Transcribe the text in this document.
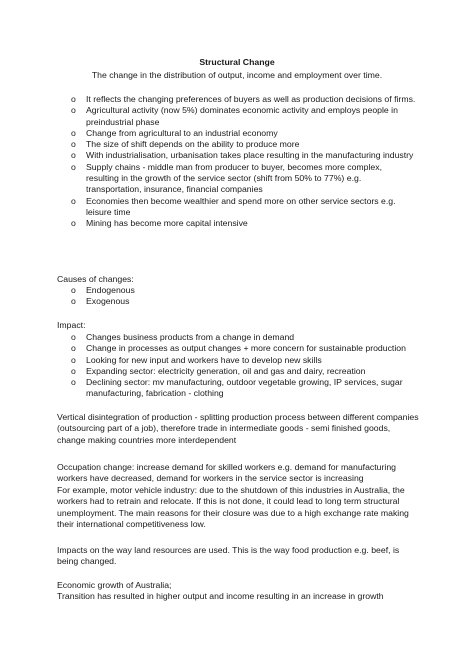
Structural Change
The change in the distribution of output, income and employment over time.
o It reflects the changing preferences of buyers as well as production decisions of firms.
o Agricultural activity (now 5%) dominates economic activity and employs people in preindustrial phase
o Change from agricultural to an industrial economy
o The size of shift depends on the ability to produce more
o With industrialisation, urbanisation takes place resulting in the manufacturing industry
o Supply chains - middle man from producer to buyer, becomes more complex, resulting in the growth of the service sector (shift from 50% to 77%) e.g. transportation, insurance, financial companies
o Economies then become wealthier and spend more on other service sectors e.g. leisure time
o Mining has become more capital intensive

Causes of changes:

o Endogenous
o Exogenous

Impact:

o Changes business products from a change in demand
o Change in processes as output changes + more concern for sustainable production
o Looking for new input and workers have to develop new skills
o Expanding sector: electricity generation, oil and gas and dairy, recreation
o Declining sector: mv manufacturing, outdoor vegetable growing, IP services, sugar manufacturing, fabrication - clothing

Vertical disintegration of production - splitting production process between different companies (outsourcing part of a job), therefore trade in intermediate goods - semi finished goods, change making countries more interdependent

Occupation change: increase demand for skilled workers e.g. demand for manufacturing workers have decreased, demand for workers in the service sector is increasing

For example, motor vehicle industry: due to the shutdown of this industries in Australia, the workers had to retrain and relocate. If this is not done, it could lead to long term structural unemployment. The main reasons for their closure was due to a high exchange rate making their international competitiveness low.

Impacts on the way land resources are used. This is the way food production e.g. beef, is being changed.

Economic growth of Australia;

Transition has resulted in higher output and income resulting in an increase in growth
